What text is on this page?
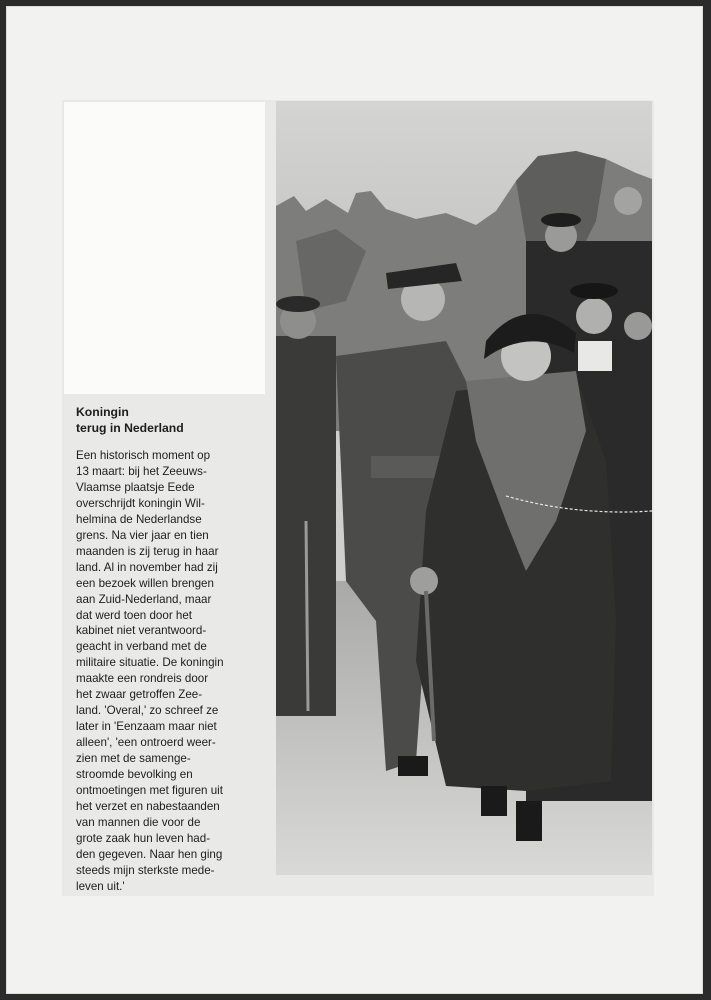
Koningin
terug in Nederland

Een historisch moment op
13 maart: bij het Zeeuws-
Vlaamse plaatsje Eede
overschrijdt koningin Wil-
helmina de Nederlandse
grens. Na vier jaar en tien
maanden is zij terug in haar
land. Al in november had zij
een bezoek willen brengen
aan Zuid-Nederland, maar
dat werd toen door het
kabinet niet verantwoord-
geacht in verband met de
militaire situatie. De koningin
maakte een rondreis door
het zwaar getroffen Zee-
land. 'Overal,' zo schreef ze
later in 'Eenzaam maar niet
alleen', 'een ontroerd weer-
zien met de samenge-
stroomde bevolking en
ontmoetingen met figuren uit
het verzet en nabestaanden
van mannen die voor de
grote zaak hun leven had-
den gegeven. Naar hen ging
steeds mijn sterkste mede-
leven uit.'
